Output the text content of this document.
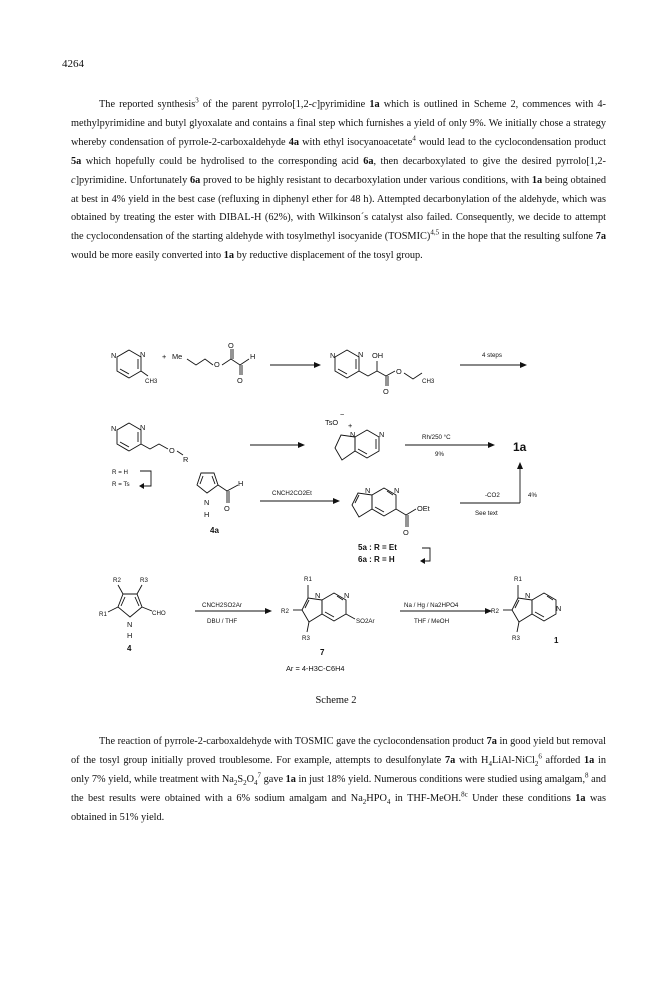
4264

The reported synthesis$^3$ of the parent pyrrolo[1,2-c]pyrimidine 1a which is outlined in Scheme 2, commences with 4-methylpyrimidine and butyl glyoxalate and contains a final step which furnishes a yield of only 9%. We initially chose a strategy whereby condensation of pyrrole-2-carboxaldehyde 4a with ethyl isocyanoacetate$^4$ would lead to the cyclocondensation product 5a which hopefully could be hydrolised to the corresponding acid 6a, then decarboxylated to give the desired pyrrolo[1,2-c]pyrimidine. Unfortunately 6a proved to be highly resistant to decarboxylation under various conditions, with 1a being obtained at best in 4% yield in the best case (refluxing in diphenyl ether for 48 h). Attempted decarbonylation of the aldehyde, which was obtained by treating the ester with DIBAL-H (62%), with Wilkinson´s catalyst also failed. Consequently, we decide to attempt the cyclocondensation of the starting aldehyde with tosylmethyl isocyanide (TOSMIC)$^{4,5}$ in the hope that the resulting sulfone 7a would be more easily converted into 1a by reductive displacement of the tosyl group.

N	N
CH3
+ Me
O
O
O
H	N	N OH
O
O
CH3
4 steps
N	N
O
R
TsO
−
+
N	N	Rh/250 °C
9%
1a
R = H
R = Ts
N
H
H
O
4a
CNCH2CO2Et	N	N
OEt
O
5a : R = Et
6a : R = H
-CO2
See text
4%
R2	R3
R1	CHO
N
H
4
CNCH2SO2Ar
DBU / THF
N	N
R1
R2
R3
SO2Ar
7
Ar = 4-H3C-C6H4
Na / Hg / Na2HPO4
THF / MeOH
N
N
R1
R2
R3	1
Scheme 2

The reaction of pyrrole-2-carboxaldehyde with TOSMIC gave the cyclocondensation product 7a in good yield but removal of the tosyl group initially proved troublesome. For example, attempts to desulfonylate 7a with $H_4LiAl-NiCl_2^6$ afforded 1a in only 7% yield, while treatment with $Na_2S_2O_4^7$ gave 1a in just 18% yield. Numerous conditions were studied using amalgam,$^8$ and the best results were obtained with a 6% sodium amalgam and $Na_2HPO_4$ in THF-MeOH.$^{8c}$ Under these conditions 1a was obtained in 51% yield.
